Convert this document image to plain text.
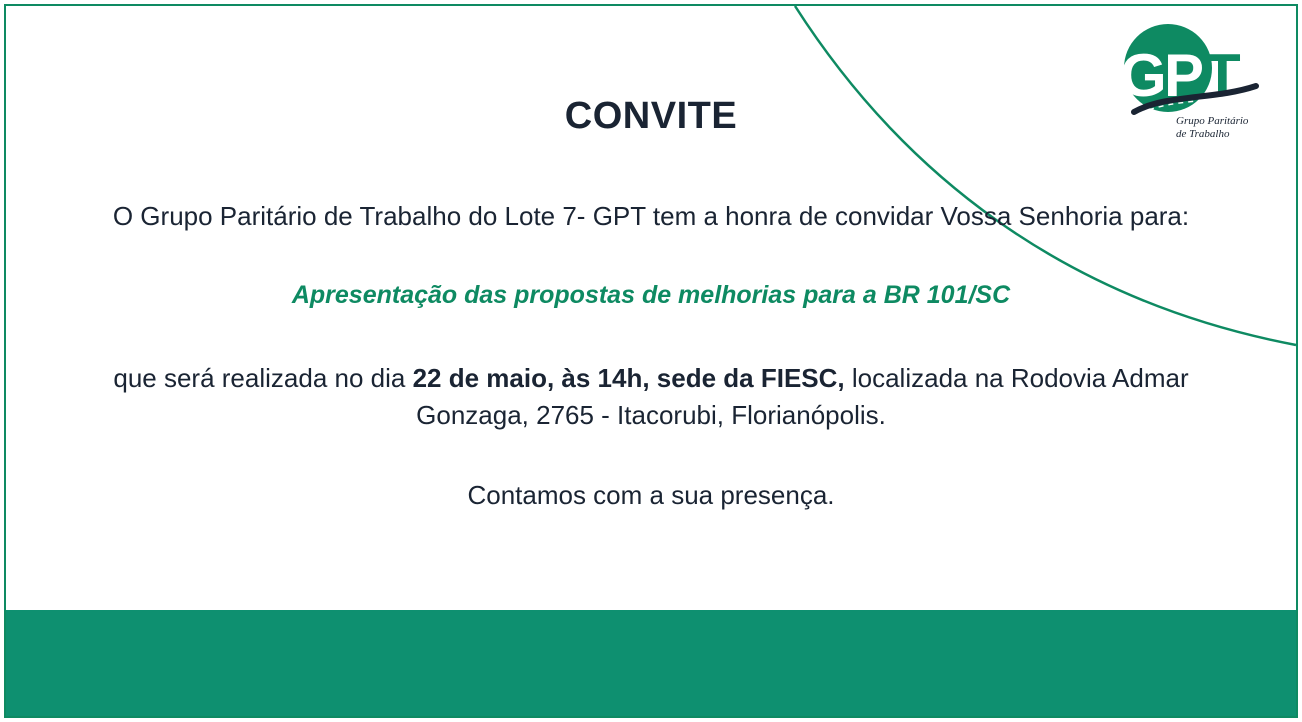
G
P T
Grupo Paritário
de Trabalho
CONVITE

O Grupo Paritário de Trabalho do Lote 7- GPT tem a honra de convidar Vossa Senhoria para:

Apresentação das propostas de melhorias para a BR 101/SC

que será realizada no dia 22 de maio, às 14h, sede da FIESC, localizada na Rodovia Admar Gonzaga, 2765 - Itacorubi, Florianópolis.

Contamos com a sua presença.
